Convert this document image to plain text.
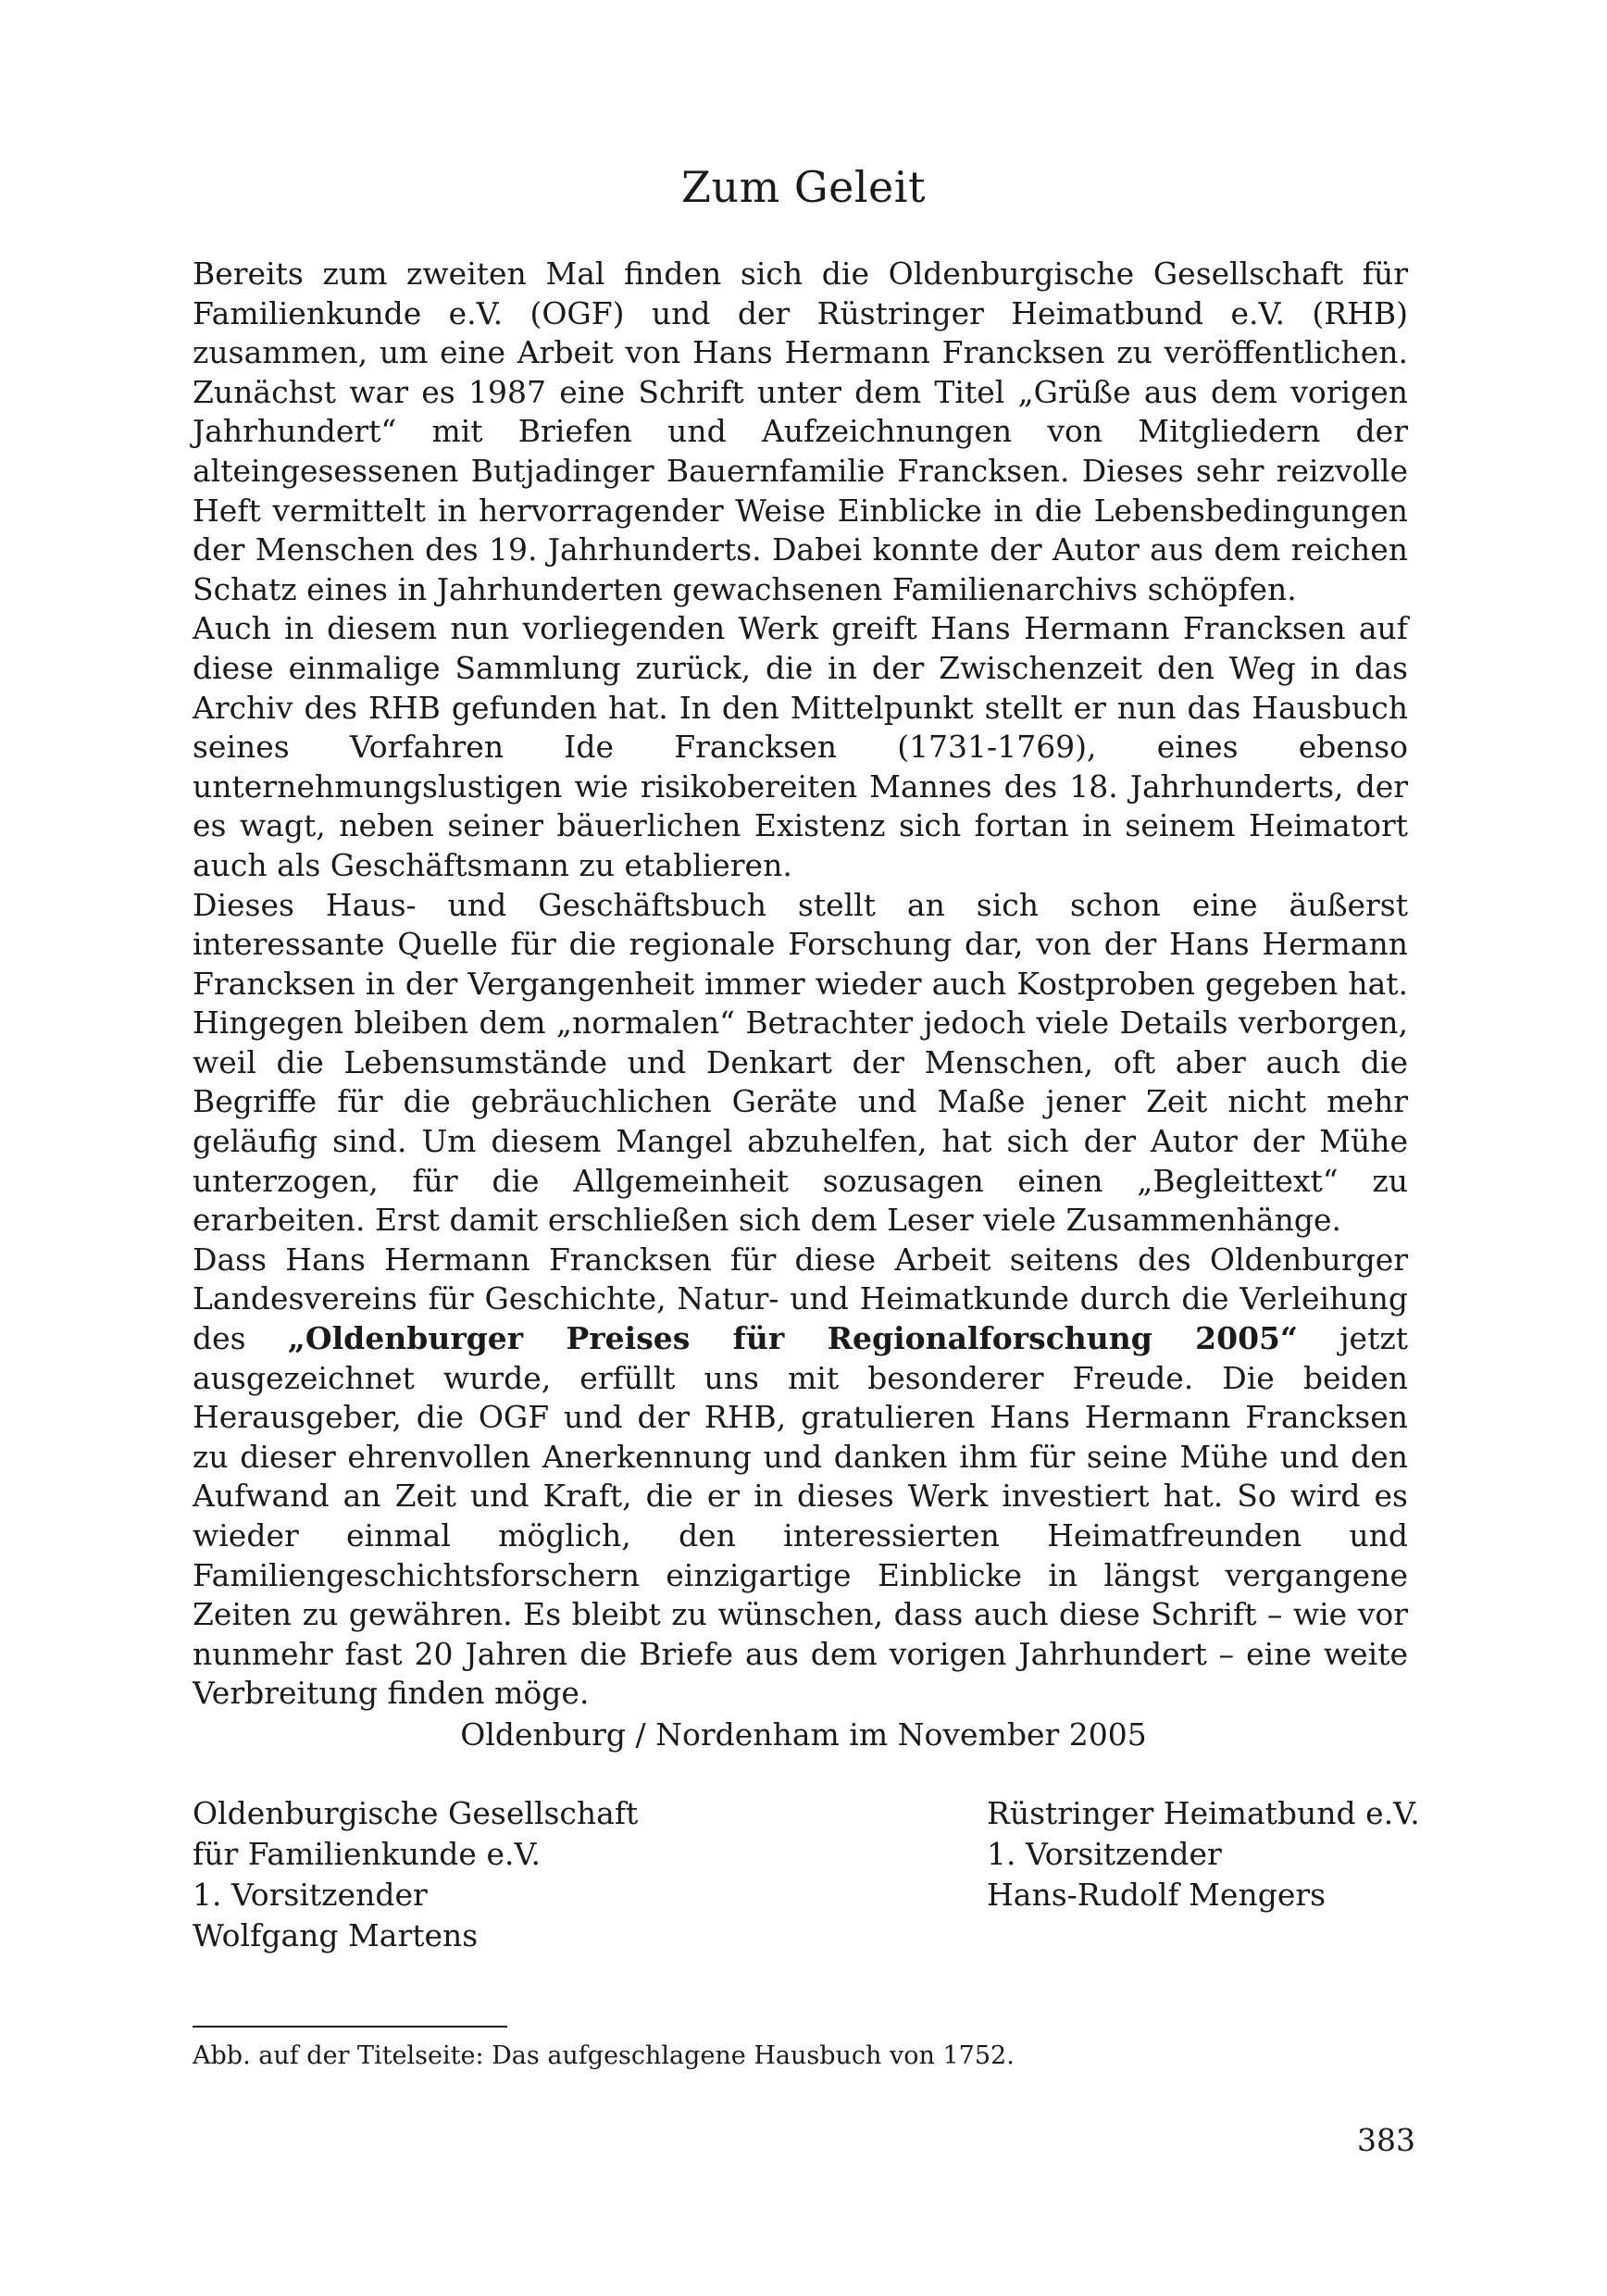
Zum Geleit

Bereits zum zweiten Mal finden sich die Oldenburgische Gesellschaft für Familienkunde e.V. (OGF) und der Rüstringer Heimatbund e.V. (RHB) zusammen, um eine Arbeit von Hans Hermann Francksen zu veröffentlichen. Zunächst war es 1987 eine Schrift unter dem Titel „Grüße aus dem vorigen Jahrhundert“ mit Briefen und Aufzeichnungen von Mitgliedern der alteingesessenen Butjadinger Bauernfamilie Francksen. Dieses sehr reizvolle Heft vermittelt in hervorragender Weise Einblicke in die Lebensbedingungen der Menschen des 19. Jahrhunderts. Dabei konnte der Autor aus dem reichen Schatz eines in Jahrhunderten gewachsenen Familienarchivs schöpfen.

Auch in diesem nun vorliegenden Werk greift Hans Hermann Francksen auf diese einmalige Sammlung zurück, die in der Zwischenzeit den Weg in das Archiv des RHB gefunden hat. In den Mittelpunkt stellt er nun das Hausbuch seines Vorfahren Ide Francksen (1731-1769), eines ebenso unternehmungslustigen wie risikobereiten Mannes des 18. Jahrhunderts, der es wagt, neben seiner bäuerlichen Existenz sich fortan in seinem Heimatort auch als Geschäftsmann zu etablieren.

Dieses Haus- und Geschäftsbuch stellt an sich schon eine äußerst interessante Quelle für die regionale Forschung dar, von der Hans Hermann Francksen in der Vergangenheit immer wieder auch Kostproben gegeben hat. Hingegen bleiben dem „normalen“ Betrachter jedoch viele Details verborgen, weil die Lebensumstände und Denkart der Menschen, oft aber auch die Begriffe für die gebräuchlichen Geräte und Maße jener Zeit nicht mehr geläufig sind. Um diesem Mangel abzuhelfen, hat sich der Autor der Mühe unterzogen, für die Allgemeinheit sozusagen einen „Begleittext“ zu erarbeiten. Erst damit erschließen sich dem Leser viele Zusammenhänge.

Dass Hans Hermann Francksen für diese Arbeit seitens des Oldenburger Landesvereins für Geschichte, Natur- und Heimatkunde durch die Verleihung des „Oldenburger Preises für Regionalforschung 2005“ jetzt ausgezeichnet wurde, erfüllt uns mit besonderer Freude. Die beiden Herausgeber, die OGF und der RHB, gratulieren Hans Hermann Francksen zu dieser ehrenvollen Anerkennung und danken ihm für seine Mühe und den Aufwand an Zeit und Kraft, die er in dieses Werk investiert hat. So wird es wieder einmal möglich, den interessierten Heimatfreunden und Familiengeschichtsforschern einzigartige Einblicke in längst vergangene Zeiten zu gewähren. Es bleibt zu wünschen, dass auch diese Schrift – wie vor nunmehr fast 20 Jahren die Briefe aus dem vorigen Jahrhundert – eine weite Verbreitung finden möge.

Oldenburg / Nordenham im November 2005
Oldenburgische Gesellschaft
für Familienkunde e.V.
1. Vorsitzender
Wolfgang Martens
Rüstringer Heimatbund e.V.
1. Vorsitzender
Hans-Rudolf Mengers
Abb. auf der Titelseite: Das aufgeschlagene Hausbuch von 1752.
383
